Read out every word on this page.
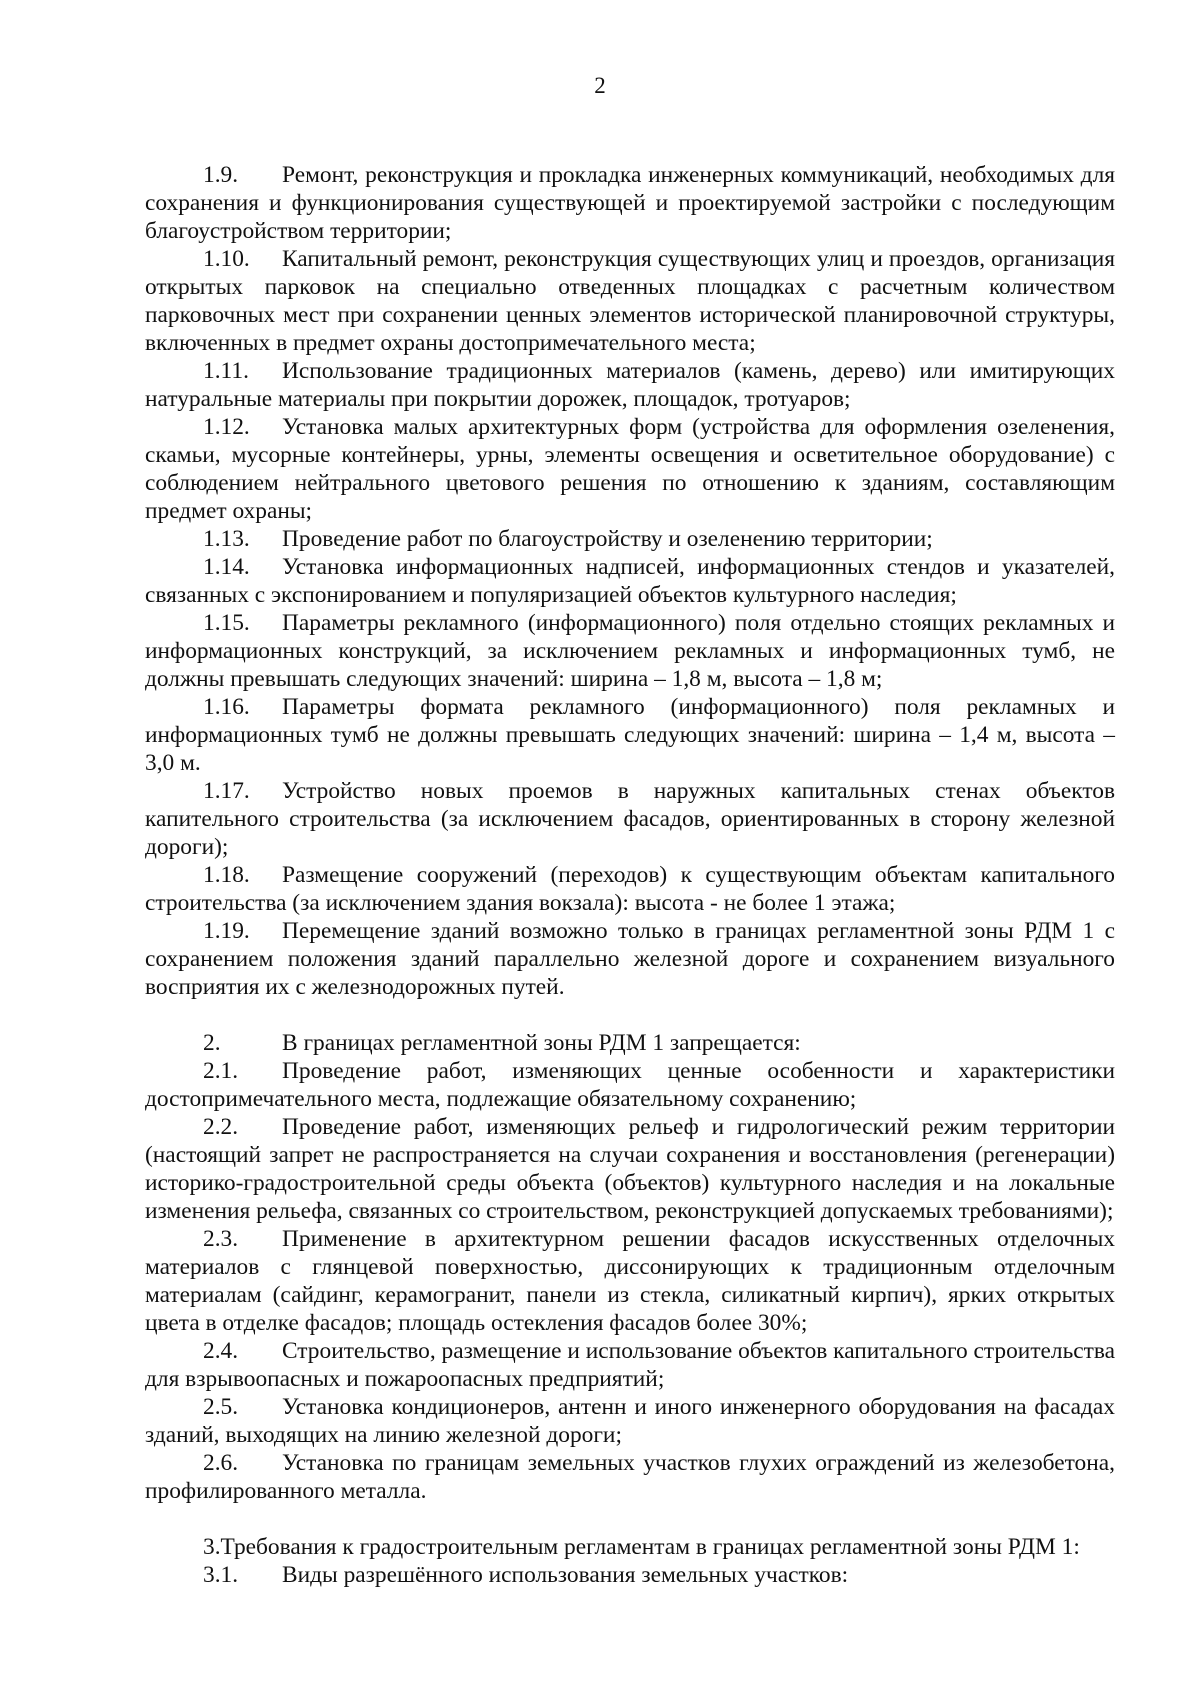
2

1.9. Ремонт, реконструкция и прокладка инженерных коммуникаций, необходимых для сохранения и функционирования существующей и проектируемой застройки с последующим благоустройством территории;

1.10. Капитальный ремонт, реконструкция существующих улиц и проездов, организация открытых парковок на специально отведенных площадках с расчетным количеством парковочных мест при сохранении ценных элементов исторической планировочной структуры, включенных в предмет охраны достопримечательного места;

1.11. Использование традиционных материалов (камень, дерево) или имитирующих натуральные материалы при покрытии дорожек, площадок, тротуаров;

1.12. Установка малых архитектурных форм (устройства для оформления озеленения, скамьи, мусорные контейнеры, урны, элементы освещения и осветительное оборудование) с соблюдением нейтрального цветового решения по отношению к зданиям, составляющим предмет охраны;

1.13. Проведение работ по благоустройству и озеленению территории;

1.14. Установка информационных надписей, информационных стендов и указателей, связанных с экспонированием и популяризацией объектов культурного наследия;

1.15. Параметры рекламного (информационного) поля отдельно стоящих рекламных и информационных конструкций, за исключением рекламных и информационных тумб, не должны превышать следующих значений: ширина – 1,8 м, высота – 1,8 м;

1.16. Параметры формата рекламного (информационного) поля рекламных и информационных тумб не должны превышать следующих значений: ширина – 1,4 м, высота – 3,0 м.

1.17. Устройство новых проемов в наружных капитальных стенах объектов капительного строительства (за исключением фасадов, ориентированных в сторону железной дороги);

1.18. Размещение сооружений (переходов) к существующим объектам капитального строительства (за исключением здания вокзала): высота - не более 1 этажа;

1.19. Перемещение зданий возможно только в границах регламентной зоны РДМ 1 с сохранением положения зданий параллельно железной дороге и сохранением визуального восприятия их с железнодорожных путей.

2.	В границах регламентной зоны РДМ 1 запрещается:

2.1. Проведение работ, изменяющих ценные особенности и характеристики достопримечательного места, подлежащие обязательному сохранению;

2.2. Проведение работ, изменяющих рельеф и гидрологический режим территории (настоящий запрет не распространяется на случаи сохранения и восстановления (регенерации) историко-градостроительной среды объекта (объектов) культурного наследия и на локальные изменения рельефа, связанных со строительством, реконструкцией допускаемых требованиями);

2.3. Применение в архитектурном решении фасадов искусственных отделочных материалов с глянцевой поверхностью, диссонирующих к традиционным отделочным материалам (сайдинг, керамогранит, панели из стекла, силикатный кирпич), ярких открытых цвета в отделке фасадов; площадь остекления фасадов более 30%;

2.4. Строительство, размещение и использование объектов капитального строительства для взрывоопасных и пожароопасных предприятий;

2.5. Установка кондиционеров, антенн и иного инженерного оборудования на фасадах зданий, выходящих на линию железной дороги;

2.6. Установка по границам земельных участков глухих ограждений из железобетона, профилированного металла.

3.Требования к градостроительным регламентам в границах регламентной зоны РДМ 1:

3.1. Виды разрешённого использования земельных участков:
